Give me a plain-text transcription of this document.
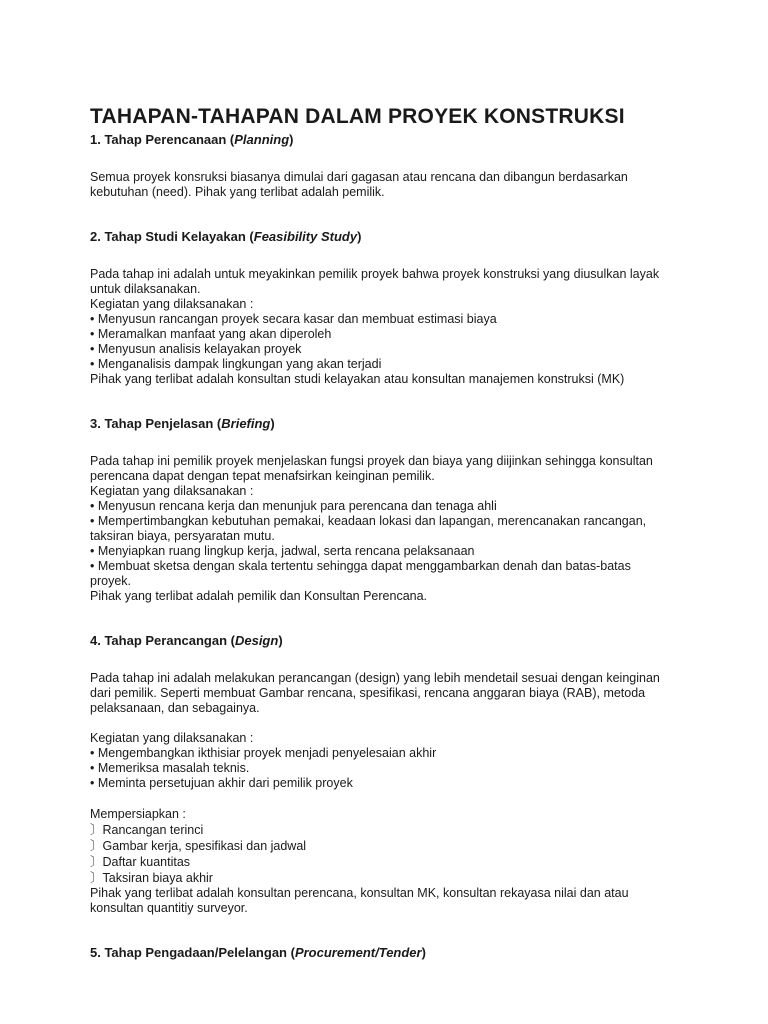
TAHAPAN-TAHAPAN DALAM PROYEK KONSTRUKSI

1. Tahap Perencanaan (Planning)

Semua proyek konsruksi biasanya dimulai dari gagasan atau rencana dan dibangun berdasarkan

kebutuhan (need). Pihak yang terlibat adalah pemilik.

2. Tahap Studi Kelayakan (Feasibility Study)

Pada tahap ini adalah untuk meyakinkan pemilik proyek bahwa proyek konstruksi yang diusulkan layak

untuk dilaksanakan.

Kegiatan yang dilaksanakan :

• Menyusun rancangan proyek secara kasar dan membuat estimasi biaya

• Meramalkan manfaat yang akan diperoleh

• Menyusun analisis kelayakan proyek

• Menganalisis dampak lingkungan yang akan terjadi

Pihak yang terlibat adalah konsultan studi kelayakan atau konsultan manajemen konstruksi (MK)

3. Tahap Penjelasan (Briefing)

Pada tahap ini pemilik proyek menjelaskan fungsi proyek dan biaya yang diijinkan sehingga konsultan

perencana dapat dengan tepat menafsirkan keinginan pemilik.

Kegiatan yang dilaksanakan :

• Menyusun rencana kerja dan menunjuk para perencana dan tenaga ahli

• Mempertimbangkan kebutuhan pemakai, keadaan lokasi dan lapangan, merencanakan rancangan,

taksiran biaya, persyaratan mutu.

• Menyiapkan ruang lingkup kerja, jadwal, serta rencana pelaksanaan

• Membuat sketsa dengan skala tertentu sehingga dapat menggambarkan denah dan batas-batas

proyek.

Pihak yang terlibat adalah pemilik dan Konsultan Perencana.

4. Tahap Perancangan (Design)

Pada tahap ini adalah melakukan perancangan (design) yang lebih mendetail sesuai dengan keinginan

dari pemilik. Seperti membuat Gambar rencana, spesifikasi, rencana anggaran biaya (RAB), metoda

pelaksanaan, dan sebagainya.

Kegiatan yang dilaksanakan :

• Mengembangkan ikthisiar proyek menjadi penyelesaian akhir

• Memeriksa masalah teknis.

• Meminta persetujuan akhir dari pemilik proyek

Mempersiapkan :

〕Rancangan terinci

〕Gambar kerja, spesifikasi dan jadwal

〕Daftar kuantitas

〕Taksiran biaya akhir

Pihak yang terlibat adalah konsultan perencana, konsultan MK, konsultan rekayasa nilai dan atau

konsultan quantitiy surveyor.

5. Tahap Pengadaan/Pelelangan (Procurement/Tender)
